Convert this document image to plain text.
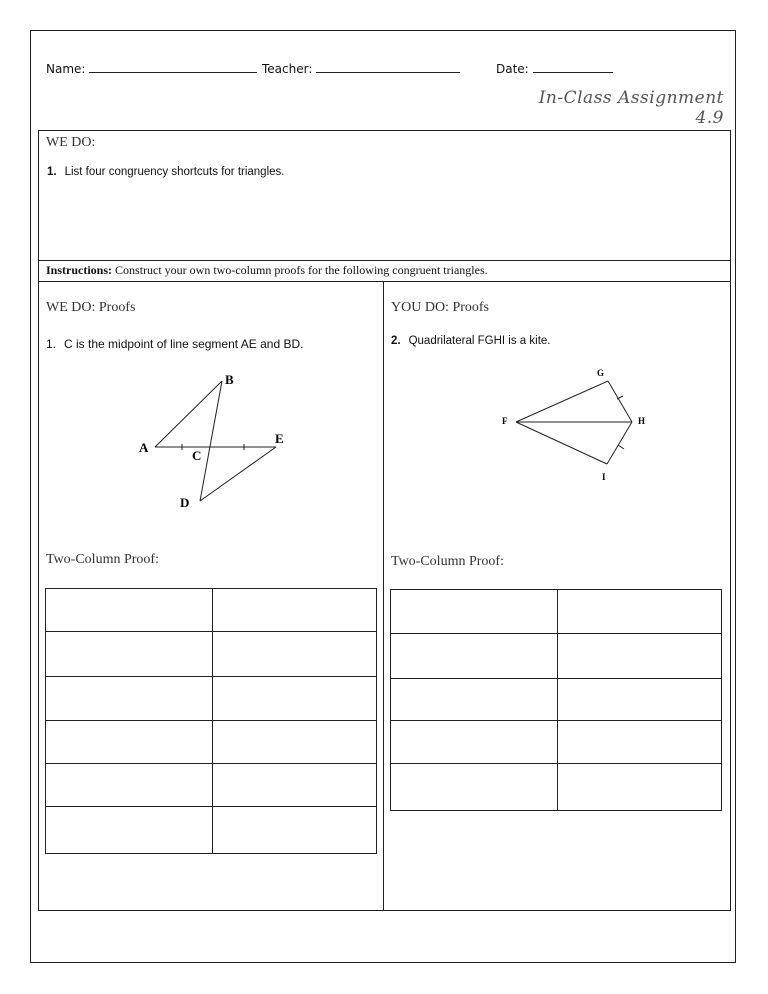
Name:	Teacher:	Date:
In-Class Assignment 4.9
WE DO:
1. List four congruency shortcuts for triangles.
Instructions: Construct your own two-column proofs for the following congruent triangles.
WE DO: Proofs
1. C is the midpoint of line segment AE and BD.
A
B
C
D
E
Two-Column Proof:

YOU DO: Proofs
2. Quadrilateral FGHI is a kite.
F
G
H
I
Two-Column Proof:
